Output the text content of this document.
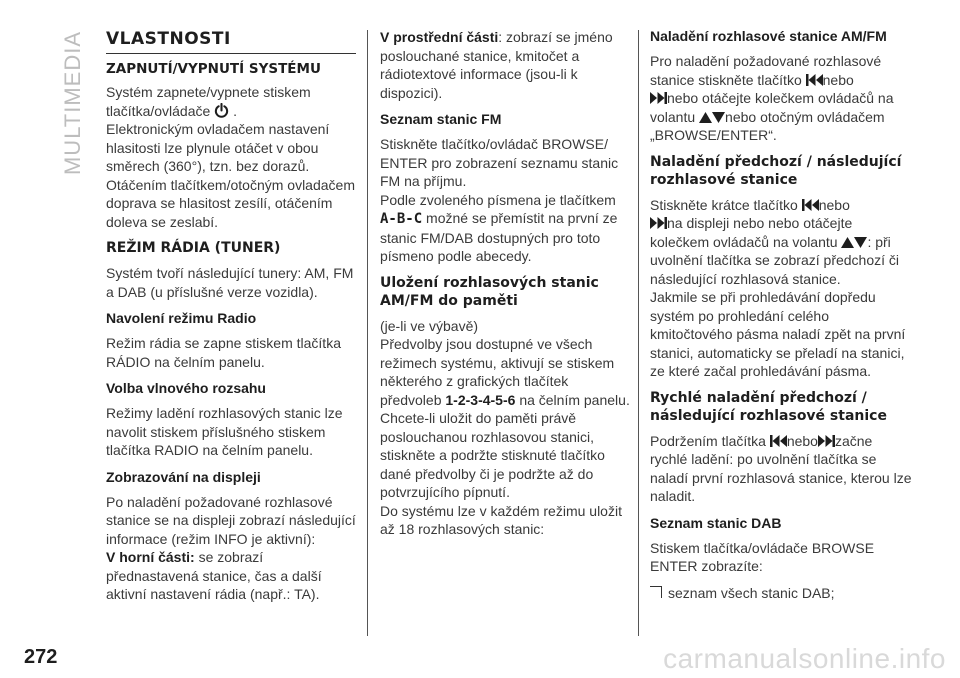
MULTIMEDIA VLASTNOSTI
ZAPNUTÍ/VYPNUTÍ SYSTÉMU

Systém zapnete/vypnete stiskem
tlačítka/ovládače .

Elektronickým ovladačem nastavení hlasitosti lze plynule otáčet v obou směrech (360°), tzn. bez dorazů. Otáčením tlačítkem/otočným ovladačem doprava se hlasitost zesílí, otáčením doleva se zeslabí.

REŽIM RÁDIA (TUNER)

Systém tvoří následující tunery: AM, FM a DAB (u příslušné verze vozidla).

Navolení režimu Radio

Režim rádia se zapne stiskem tlačítka RÁDIO na čelním panelu.

Volba vlnového rozsahu

Režimy ladění rozhlasových stanic lze navolit stiskem příslušného stiskem tlačítka RADIO na čelním panelu.

Zobrazování na displeji

Po naladění požadované rozhlasové stanice se na displeji zobrazí následující informace (režim INFO je aktivní):

V horní části: se zobrazí přednastavená stanice, čas a další aktivní nastavení rádia (např.: TA).

V prostřední části: zobrazí se jméno poslouchané stanice, kmitočet a rádiotextové informace (jsou-li k dispozici).

Seznam stanic FM

Stiskněte tlačítko/ovládač BROWSE/ ENTER pro zobrazení seznamu stanic FM na příjmu.

Podle zvoleného písmena je tlačítkem
A-B-C možné se přemístit na první ze stanic FM/DAB dostupných pro toto písmeno podle abecedy.

Uložení rozhlasových stanic AM/FM do paměti

(je-li ve výbavě)

Předvolby jsou dostupné ve všech režimech systému, aktivují se stiskem některého z grafických tlačítek předvoleb 1-2-3-4-5-6 na čelním panelu.

Chcete-li uložit do paměti právě poslouchanou rozhlasovou stanici, stiskněte a podržte stisknuté tlačítko dané předvolby či je podržte až do potvrzujícího pípnutí.

Do systému lze v každém režimu uložit až 18 rozhlasových stanic:

Naladění rozhlasové stanice AM/FM

Pro naladění požadované rozhlasové stanice stiskněte tlačítko nebo
nebo otáčejte kolečkem ovládačů na volantu nebo otočným ovládačem „BROWSE/ENTER“.

Naladění předchozí / následující rozhlasové stanice

Stiskněte krátce tlačítko nebo
na displeji nebo nebo otáčejte kolečkem ovládačů na volantu : při uvolnění tlačítka se zobrazí předchozí či následující rozhlasová stanice.

Jakmile se při prohledávání dopředu systém po prohledání celého kmitočtového pásma naladí zpět na první stanici, automaticky se přeladí na stanici, ze které začal prohledávání pásma.

Rychlé naladění předchozí / následující rozhlasové stanice

Podržením tlačítka nebo začne rychlé ladění: po uvolnění tlačítka se naladí první rozhlasová stanice, kterou lze naladit.

Seznam stanic DAB

Stiskem tlačítka/ovládače BROWSE ENTER zobrazíte:

seznam všech stanic DAB;

272	carmanualsonline.info
